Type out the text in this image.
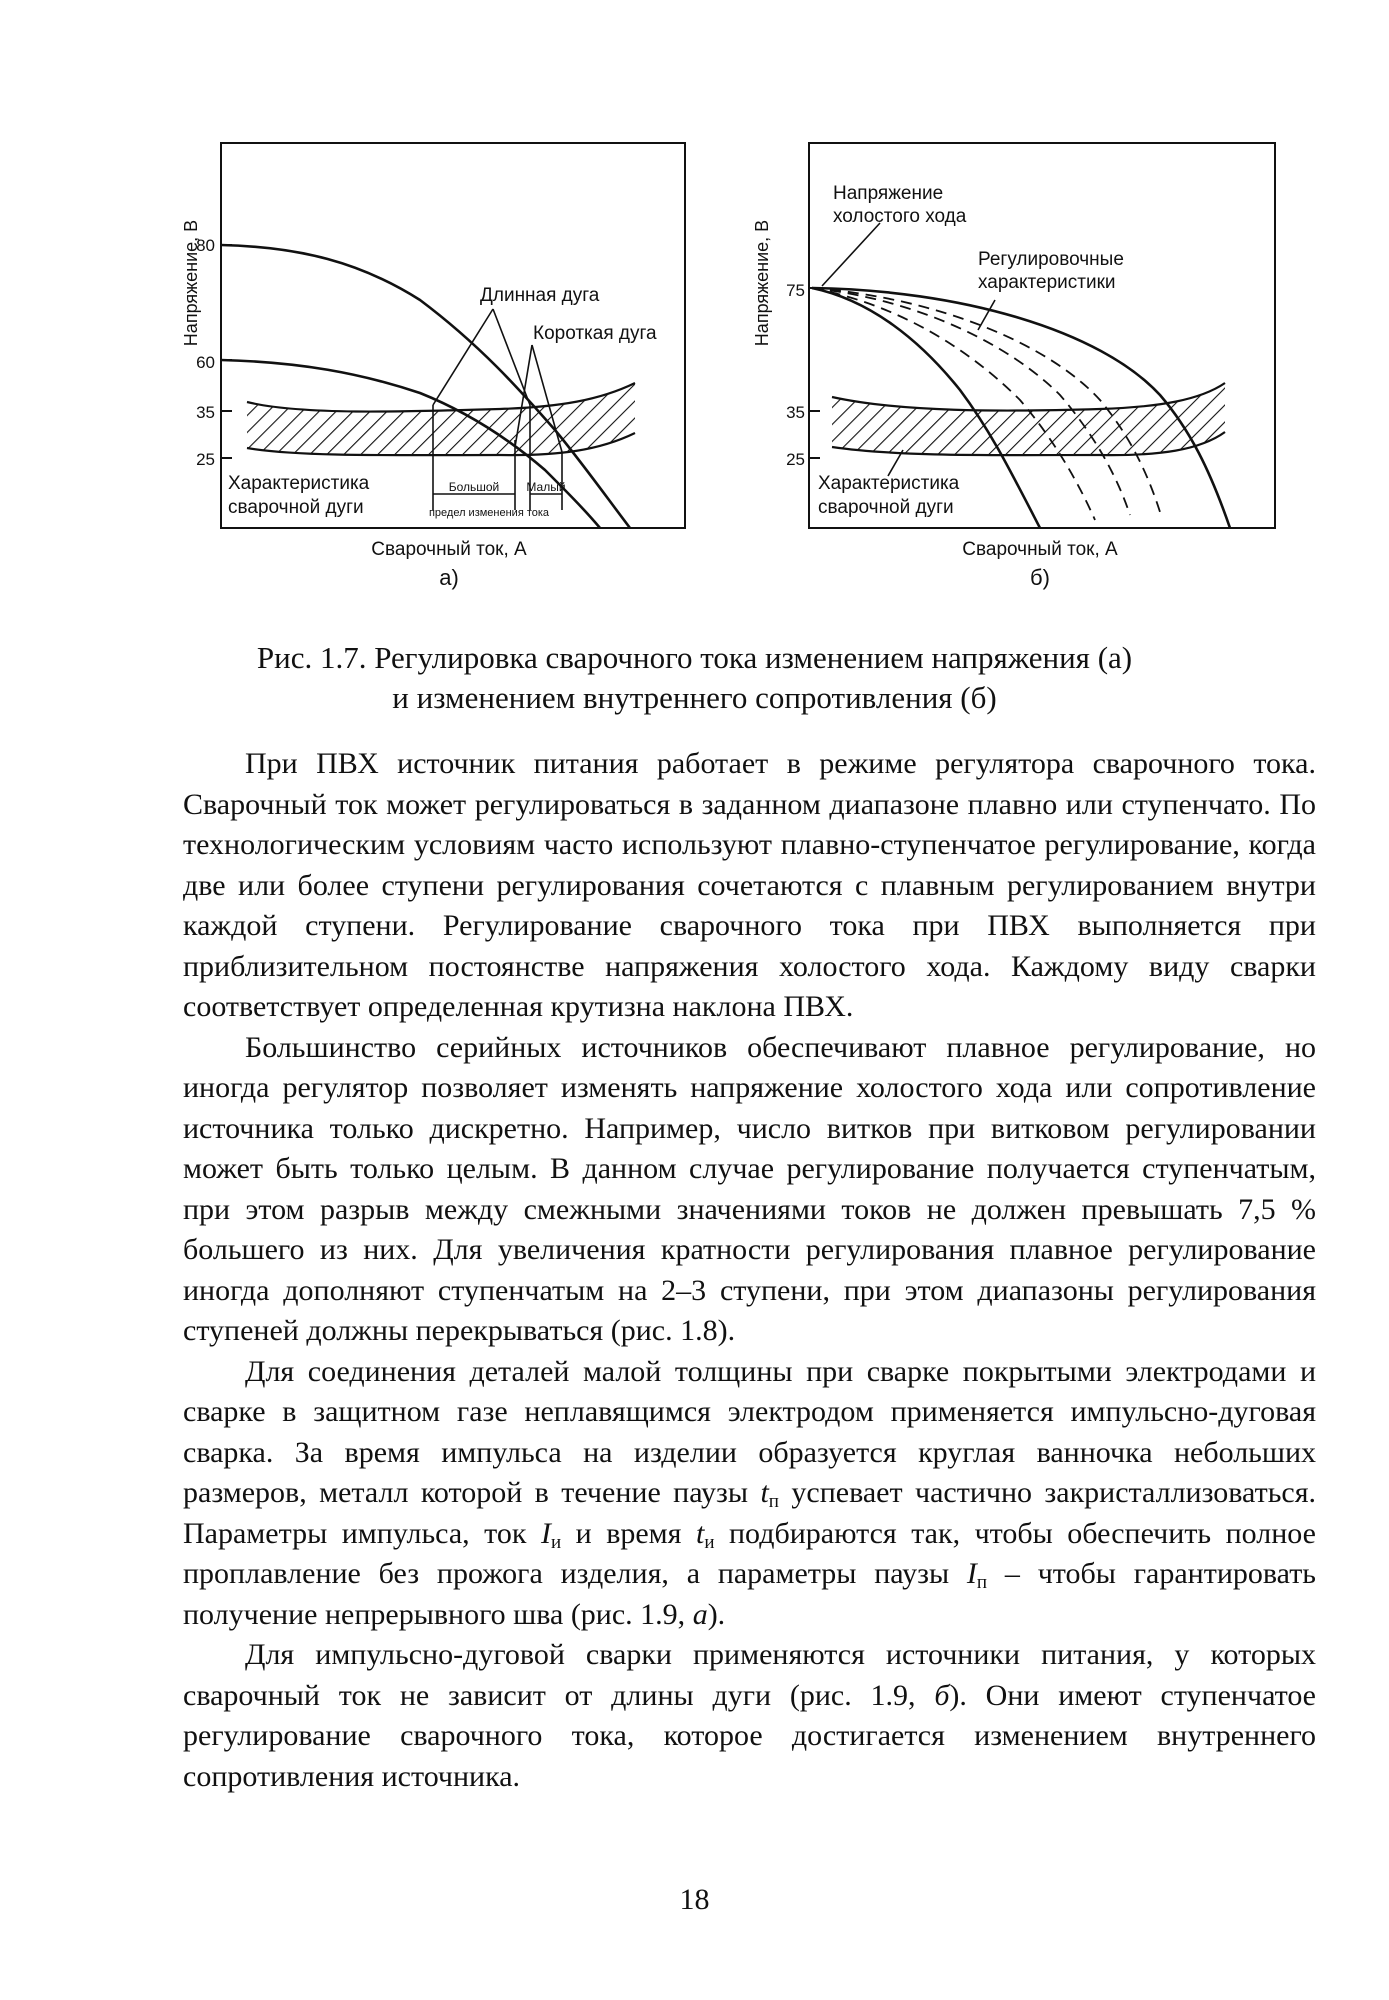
Напряжение, В
80
60
35
25
Длинная дуга
Короткая дуга
Характеристика
сварочной дуги
Большой Малый
предел изменения тока
Сварочный ток, А
а)
Напряжение, В 75
35
25
Напряжение
холостого хода
Регулировочные
характеристики
Характеристика
сварочной дуги
Сварочный ток, А
б)
Рис. 1.7. Регулировка сварочного тока изменением напряжения (а)
и изменением внутреннего сопротивления (б)

При ПВХ источник питания работает в режиме регулятора сварочного тока. Сварочный ток может регулироваться в заданном диапазоне плавно или ступенчато. По технологическим условиям часто используют плавно-ступенчатое регулирование, когда две или более ступени регулирования сочетаются с плавным регулированием внутри каждой ступени. Регулирование сварочного тока при ПВХ выполняется при приблизительном постоянстве напряжения холостого хода. Каждому виду сварки соответствует определенная крутизна наклона ПВХ.

Большинство серийных источников обеспечивают плавное регулирование, но иногда регулятор позволяет изменять напряжение холостого хода или сопротивление источника только дискретно. Например, число витков при витковом регулировании может быть только целым. В данном случае регулирование получается ступенчатым, при этом разрыв между смежными значениями токов не должен превышать 7,5 % большего из них. Для увеличения кратности регулирования плавное регулирование иногда дополняют ступенчатым на 2–3 ступени, при этом диапазоны регулирования ступеней должны перекрываться (рис. 1.8).

Для соединения деталей малой толщины при сварке покрытыми электродами и сварке в защитном газе неплавящимся электродом применяется импульсно-дуговая сварка. За время импульса на изделии образуется круглая ванночка небольших размеров, металл которой в течение паузы $t_п$ успевает частично закристаллизоваться. Параметры импульса, ток $I_и$ и время $t_и$ подбираются так, чтобы обеспечить полное проплавление без прожога изделия, а параметры паузы $I_п$ – чтобы гарантировать получение непрерывного шва (рис. 1.9, а).

Для импульсно-дуговой сварки применяются источники питания, у которых сварочный ток не зависит от длины дуги (рис. 1.9, б). Они имеют ступенчатое регулирование сварочного тока, которое достигается изменением внутреннего сопротивления источника.

18
